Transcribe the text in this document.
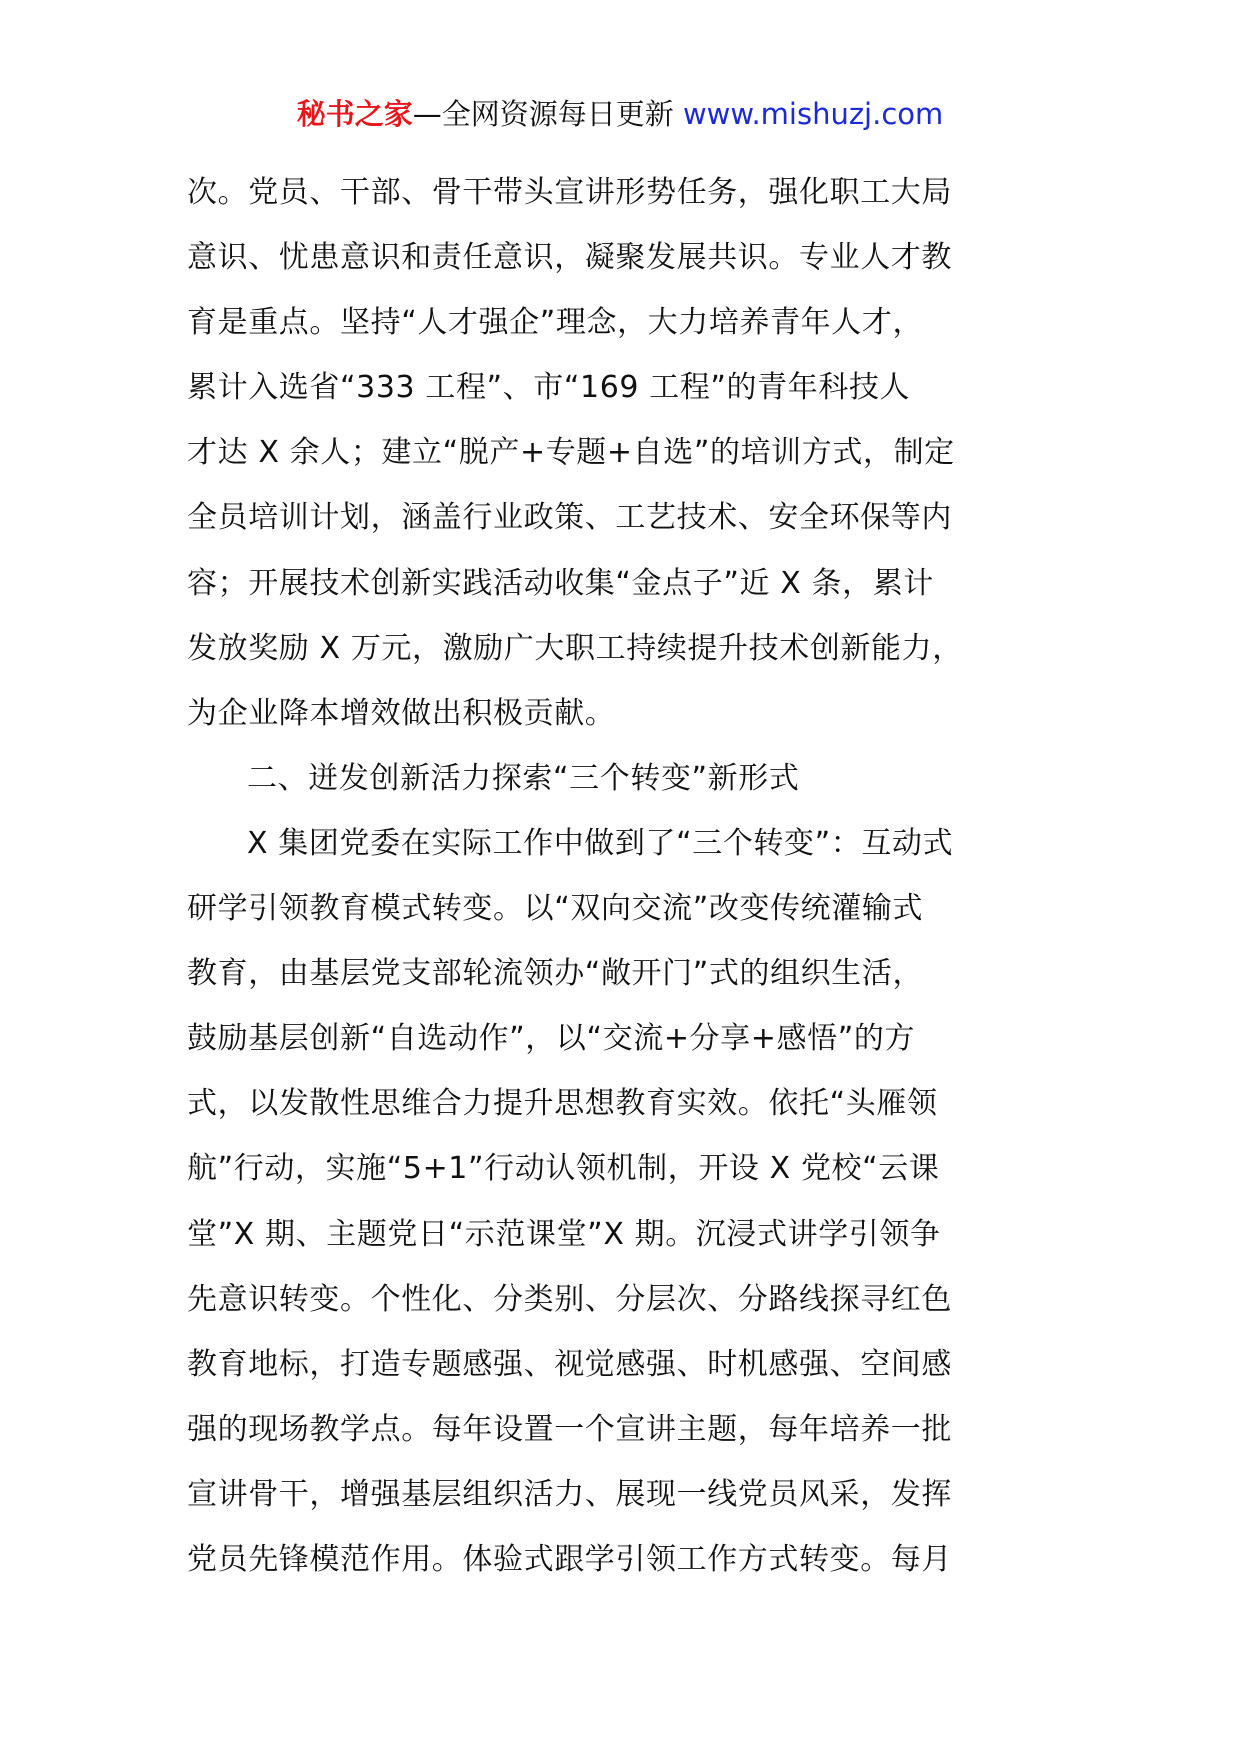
秘书之家—全网资源每日更新 www.mishuzj.com
次。党员、干部、骨干带头宣讲形势任务，强化职工大局
意识、忧患意识和责任意识，凝聚发展共识。专业人才教
育是重点。坚持“人才强企”理念，大力培养青年人才，
累计入选省“333 工程”、市“169 工程”的青年科技人
才达 X 余人；建立“脱产+专题+自选”的培训方式，制定
全员培训计划，涵盖行业政策、工艺技术、安全环保等内
容；开展技术创新实践活动收集“金点子”近 X 条，累计
发放奖励 X 万元，激励广大职工持续提升技术创新能力，
为企业降本增效做出积极贡献。
二、迸发创新活力探索“三个转变”新形式
X 集团党委在实际工作中做到了“三个转变”：互动式
研学引领教育模式转变。以“双向交流”改变传统灌输式
教育，由基层党支部轮流领办“敞开门”式的组织生活，
鼓励基层创新“自选动作”，以“交流+分享+感悟”的方
式，以发散性思维合力提升思想教育实效。依托“头雁领
航”行动，实施“5+1”行动认领机制，开设 X 党校“云课
堂”X 期、主题党日“示范课堂”X 期。沉浸式讲学引领争
先意识转变。个性化、分类别、分层次、分路线探寻红色
教育地标，打造专题感强、视觉感强、时机感强、空间感
强的现场教学点。每年设置一个宣讲主题，每年培养一批
宣讲骨干，增强基层组织活力、展现一线党员风采，发挥
党员先锋模范作用。体验式跟学引领工作方式转变。每月
